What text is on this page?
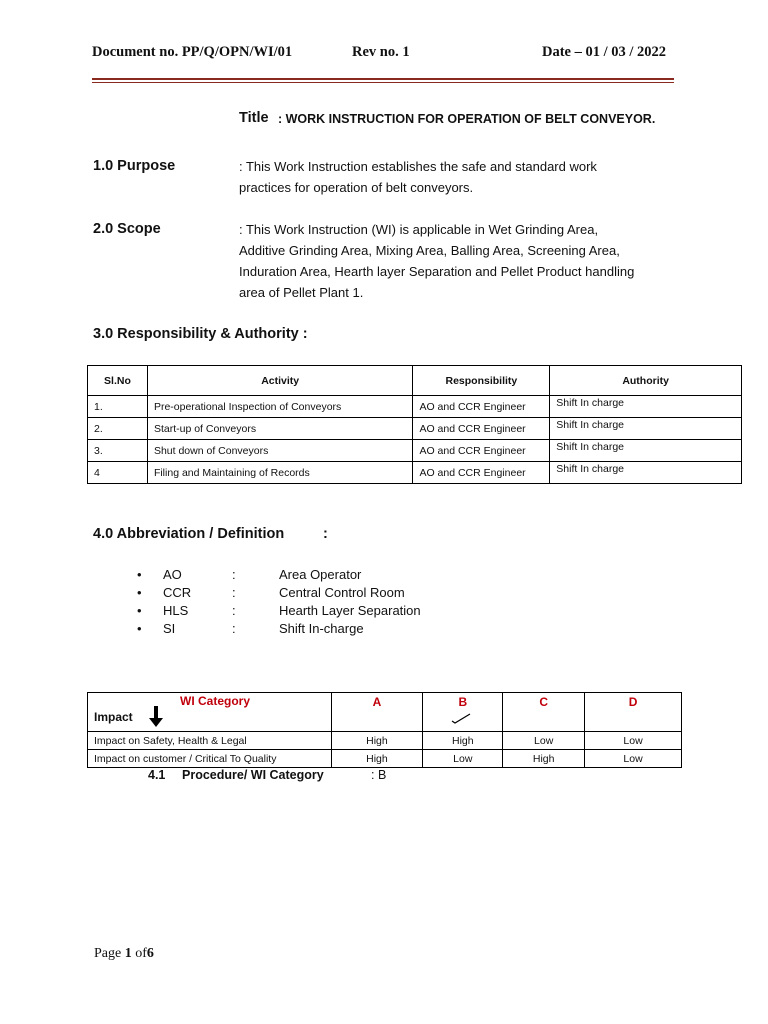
Document no. PP/Q/OPN/WI/01	Rev no. 1	Date – 01 / 03 / 2022
Title : WORK INSTRUCTION FOR OPERATION OF BELT CONVEYOR.
1.0 Purpose	: This Work Instruction establishes the safe and standard work
practices for operation of belt conveyors.
2.0 Scope	: This Work Instruction (WI) is applicable in Wet Grinding Area,
Additive Grinding Area, Mixing Area, Balling Area, Screening Area,
Induration Area, Hearth layer Separation and Pellet Product handling
area of Pellet Plant 1.
3.0 Responsibility & Authority :
Sl.No	Activity	Responsibility	Authority
1.	Pre-operational Inspection of Conveyors	AO and CCR Engineer	Shift In charge
2.	Start-up of Conveyors	AO and CCR Engineer	Shift In charge
3.	Shut down of Conveyors	AO and CCR Engineer	Shift In charge
4	Filing and Maintaining of Records	AO and CCR Engineer	Shift In charge
4.0 Abbreviation / Definition	:
• AO	:	Area Operator
• CCR	:	Central Control Room
• HLS	:	Hearth Layer Separation
• SI	:	Shift In-charge
WI Category
Impact	A	B	C	D
Impact on Safety, Health & Legal	High	High	Low	Low
Impact on customer / Critical To Quality	High	Low	High	Low
4.1 Procedure/ WI Category	: B
Page 1 of6
